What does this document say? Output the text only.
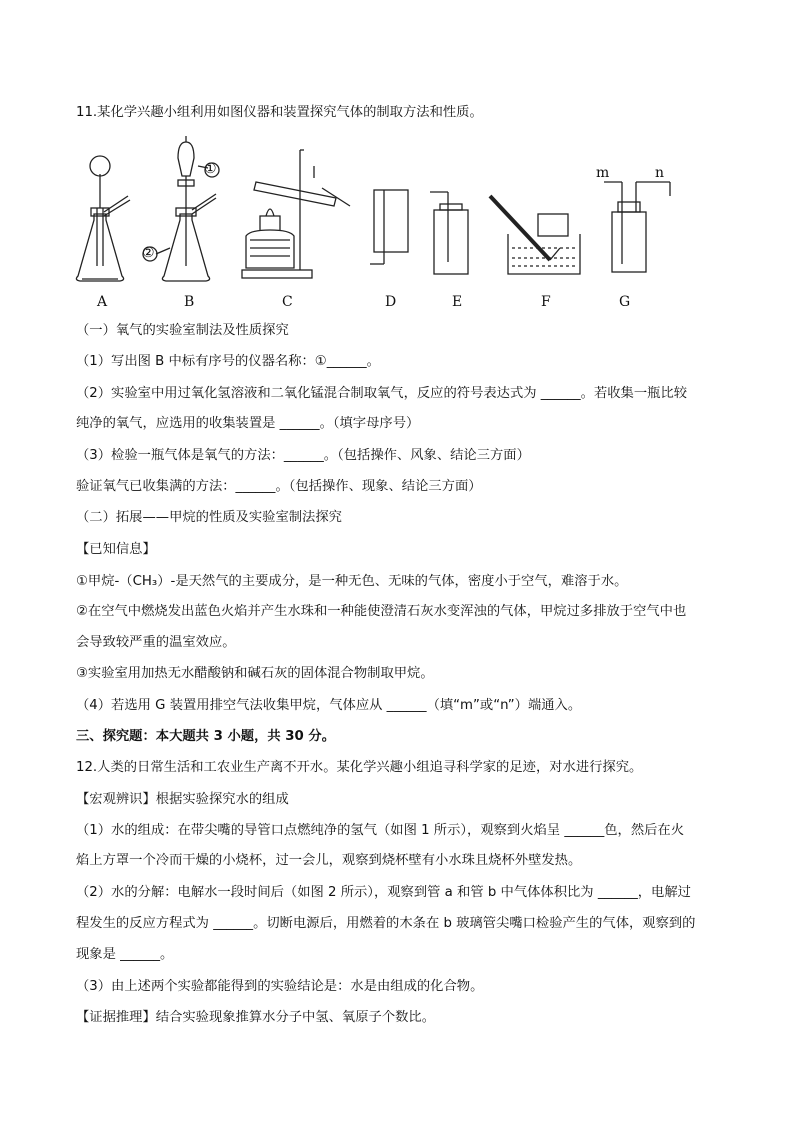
11.某化学兴趣小组利用如图仪器和装置探究气体的制取方法和性质。
①
②
m	n
A	B	C	D	E	F	G
（一）氧气的实验室制法及性质探究
（1）写出图 B 中标有序号的仪器名称：①______。
（2）实验室中用过氧化氢溶液和二氧化锰混合制取氧气，反应的符号表达式为 ______。若收集一瓶比较
纯净的氧气，应选用的收集装置是 ______。（填字母序号）
（3）检验一瓶气体是氧气的方法：______。（包括操作、风象、结论三方面）
验证氧气已收集满的方法：______。（包括操作、现象、结论三方面）
（二）拓展——甲烷的性质及实验室制法探究
【已知信息】
①甲烷-（CH₃）-是天然气的主要成分，是一种无色、无味的气体，密度小于空气，难溶于水。
②在空气中燃烧发出蓝色火焰并产生水珠和一种能使澄清石灰水变浑浊的气体，甲烷过多排放于空气中也
会导致较严重的温室效应。
③实验室用加热无水醋酸钠和碱石灰的固体混合物制取甲烷。
（4）若选用 G 装置用排空气法收集甲烷，气体应从 ______（填“m”或“n”）端通入。
三、探究题：本大题共 3 小题，共 30 分。
12.人类的日常生活和工农业生产离不开水。某化学兴趣小组追寻科学家的足迹，对水进行探究。
【宏观辨识】根据实验探究水的组成
（1）水的组成：在带尖嘴的导管口点燃纯净的氢气（如图 1 所示），观察到火焰呈 ______色，然后在火
焰上方罩一个冷而干燥的小烧杯，过一会儿，观察到烧杯壁有小水珠且烧杯外壁发热。
（2）水的分解：电解水一段时间后（如图 2 所示），观察到管 a 和管 b 中气体体积比为 ______，电解过
程发生的反应方程式为 ______。切断电源后，用燃着的木条在 b 玻璃管尖嘴口检验产生的气体，观察到的
现象是 ______。
（3）由上述两个实验都能得到的实验结论是：水是由组成的化合物。
【证据推理】结合实验现象推算水分子中氢、氧原子个数比。
